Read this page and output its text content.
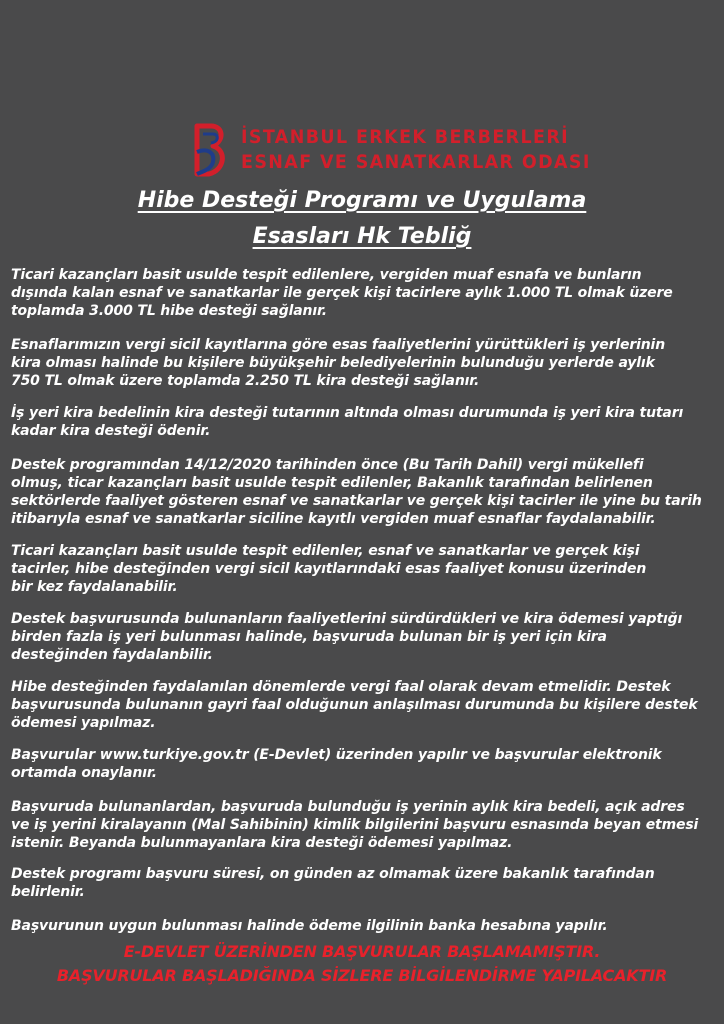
İSTANBUL ERKEK BERBERLERİ
ESNAF VE SANATKARLAR ODASI
Hibe Desteği Programı ve Uygulama
Esasları Hk Tebliğ
Ticari kazançları basit usulde tespit edilenlere, vergiden muaf esnafa ve bunların
dışında kalan esnaf ve sanatkarlar ile gerçek kişi tacirlere aylık 1.000 TL olmak üzere
toplamda 3.000 TL hibe desteği sağlanır.
Esnaflarımızın vergi sicil kayıtlarına göre esas faaliyetlerini yürüttükleri iş yerlerinin
kira olması halinde bu kişilere büyükşehir belediyelerinin bulunduğu yerlerde aylık
750 TL olmak üzere toplamda 2.250 TL kira desteği sağlanır.
İş yeri kira bedelinin kira desteği tutarının altında olması durumunda iş yeri kira tutarı
kadar kira desteği ödenir.
Destek programından 14/12/2020 tarihinden önce (Bu Tarih Dahil) vergi mükellefi
olmuş, ticar kazançları basit usulde tespit edilenler, Bakanlık tarafından belirlenen
sektörlerde faaliyet gösteren esnaf ve sanatkarlar ve gerçek kişi tacirler ile yine bu tarih
itibarıyla esnaf ve sanatkarlar siciline kayıtlı vergiden muaf esnaflar faydalanabilir.
Ticari kazançları basit usulde tespit edilenler, esnaf ve sanatkarlar ve gerçek kişi
tacirler, hibe desteğinden vergi sicil kayıtlarındaki esas faaliyet konusu üzerinden
bir kez faydalanabilir.
Destek başvurusunda bulunanların faaliyetlerini sürdürdükleri ve kira ödemesi yaptığı
birden fazla iş yeri bulunması halinde, başvuruda bulunan bir iş yeri için kira
desteğinden faydalanbilir.
Hibe desteğinden faydalanılan dönemlerde vergi faal olarak devam etmelidir. Destek
başvurusunda bulunanın gayri faal olduğunun anlaşılması durumunda bu kişilere destek
ödemesi yapılmaz.
Başvurular www.turkiye.gov.tr (E-Devlet) üzerinden yapılır ve başvurular elektronik
ortamda onaylanır.
Başvuruda bulunanlardan, başvuruda bulunduğu iş yerinin aylık kira bedeli, açık adres
ve iş yerini kiralayanın (Mal Sahibinin) kimlik bilgilerini başvuru esnasında beyan etmesi
istenir. Beyanda bulunmayanlara kira desteği ödemesi yapılmaz.
Destek programı başvuru süresi, on günden az olmamak üzere bakanlık tarafından
belirlenir.
Başvurunun uygun bulunması halinde ödeme ilgilinin banka hesabına yapılır.
E-DEVLET ÜZERİNDEN BAŞVURULAR BAŞLAMAMIŞTIR.
BAŞVURULAR BAŞLADIĞINDA SİZLERE BİLGİLENDİRME YAPILACAKTIR
